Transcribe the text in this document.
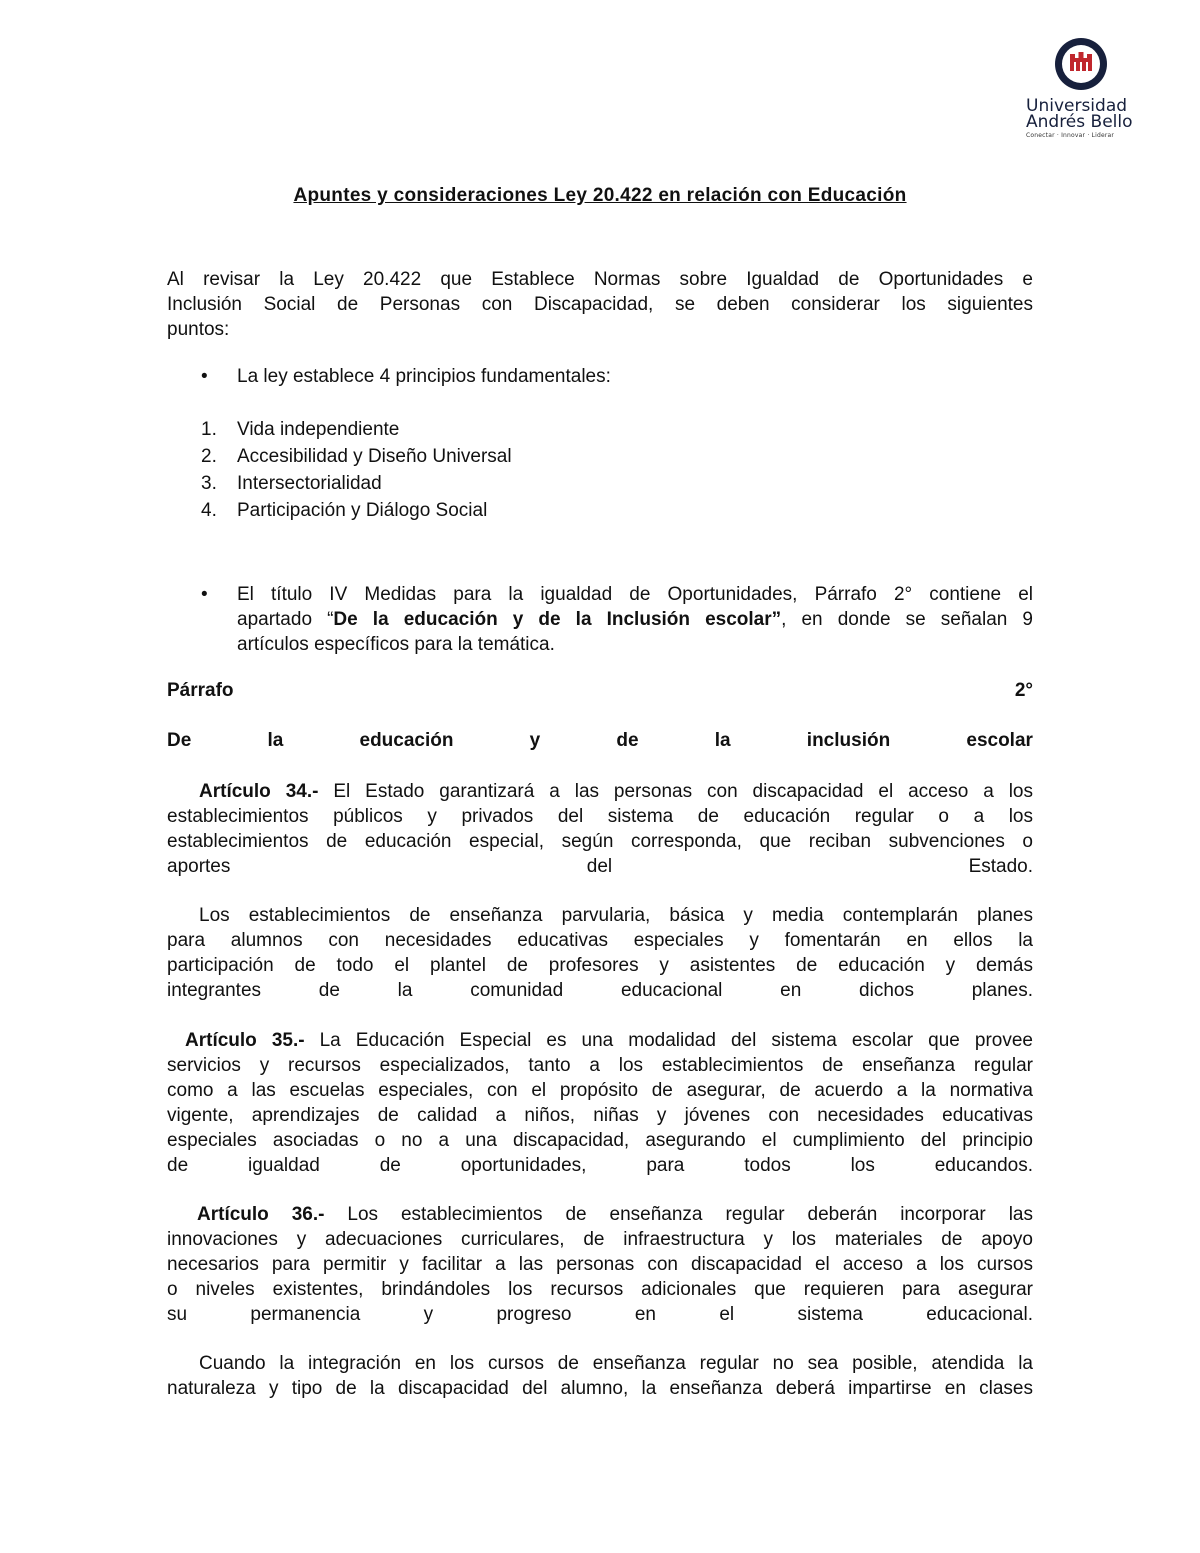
Universidad
Andrés Bello
Conectar · Innovar · Liderar
Apuntes y consideraciones Ley 20.422 en relación con Educación

Al revisar la Ley 20.422 que Establece Normas sobre Igualdad de Oportunidades e

Inclusión Social de Personas con Discapacidad, se deben considerar los siguientes

puntos:

• La ley establece 4 principios fundamentales:
1.	Vida independiente
2.	Accesibilidad y Diseño Universal
3.	Intersectorialidad
4.	Participación y Diálogo Social
• El título IV Medidas para la igualdad de Oportunidades, Párrafo 2° contiene el

apartado “De la educación y de la Inclusión escolar”, en donde se señalan 9

artículos específicos para la temática.

Párrafo	2°
De	la	educación	y	de	la	inclusión	escolar

Artículo 34.- El Estado garantizará a las personas con discapacidad el acceso a los

establecimientos públicos y privados del sistema de educación regular o a los

establecimientos de educación especial, según corresponda, que reciban subvenciones o

aportes del Estado.

Los establecimientos de enseñanza parvularia, básica y media contemplarán planes

para alumnos con necesidades educativas especiales y fomentarán en ellos la

participación de todo el plantel de profesores y asistentes de educación y demás

integrantes de la comunidad educacional en dichos planes.

Artículo 35.- La Educación Especial es una modalidad del sistema escolar que provee

servicios y recursos especializados, tanto a los establecimientos de enseñanza regular

como a las escuelas especiales, con el propósito de asegurar, de acuerdo a la normativa

vigente, aprendizajes de calidad a niños, niñas y jóvenes con necesidades educativas

especiales asociadas o no a una discapacidad, asegurando el cumplimiento del principio

de igualdad de oportunidades, para todos los educandos.

Artículo 36.- Los establecimientos de enseñanza regular deberán incorporar las

innovaciones y adecuaciones curriculares, de infraestructura y los materiales de apoyo

necesarios para permitir y facilitar a las personas con discapacidad el acceso a los cursos

o niveles existentes, brindándoles los recursos adicionales que requieren para asegurar

su permanencia y progreso en el sistema educacional.

Cuando la integración en los cursos de enseñanza regular no sea posible, atendida la

naturaleza y tipo de la discapacidad del alumno, la enseñanza deberá impartirse en clases
